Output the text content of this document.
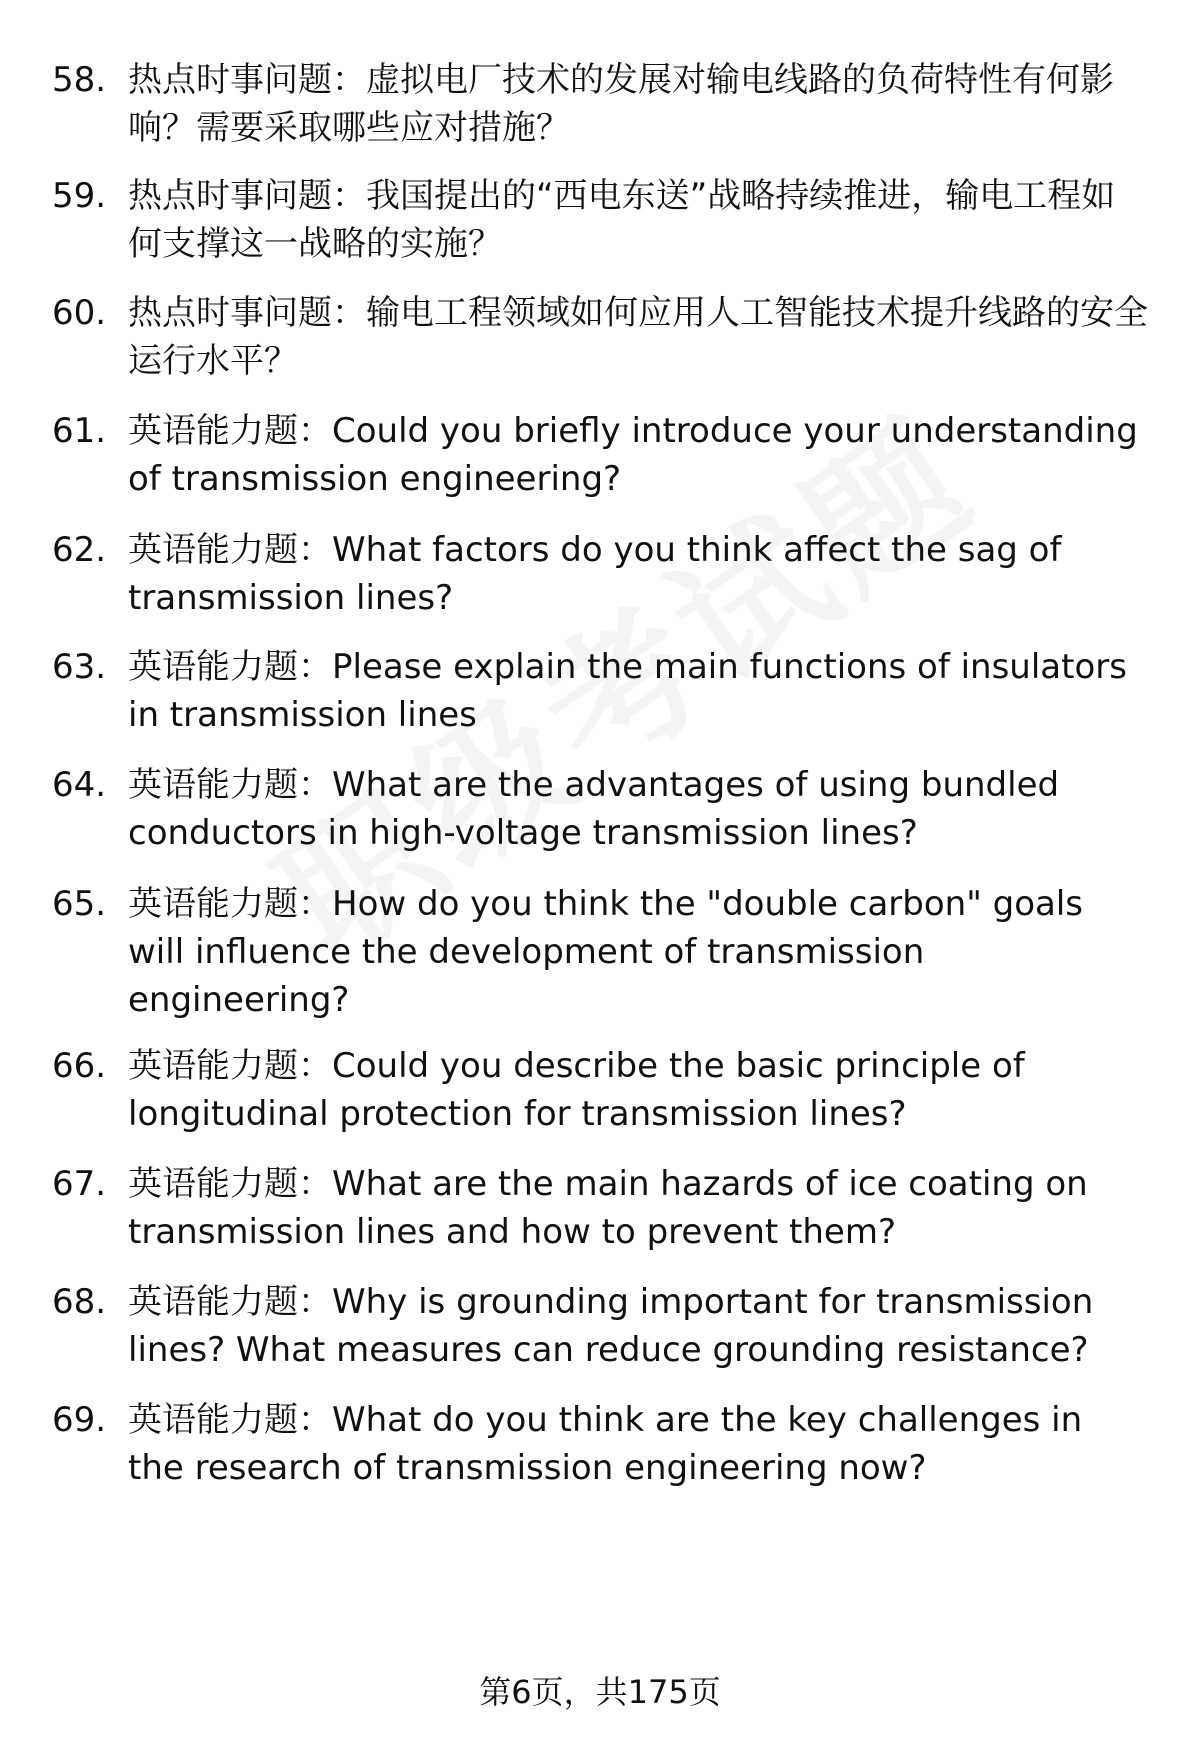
58. 热点时事问题：虚拟电厂技术的发展对输电线路的负荷特性有何影响？需要采取哪些应对措施？
59. 热点时事问题：我国提出的“西电东送”战略持续推进，输电工程如何支撑这一战略的实施？
60. 热点时事问题：输电工程领域如何应用人工智能技术提升线路的安全运行水平？
61. 英语能力题：Could you briefly introduce your understanding of transmission engineering?
62. 英语能力题：What factors do you think affect the sag of transmission lines?
63. 英语能力题：Please explain the main functions of insulators in transmission lines
64. 英语能力题：What are the advantages of using bundled conductors in high-voltage transmission lines?
65. 英语能力题：How do you think the "double carbon" goals will influence the development of transmission engineering?
66. 英语能力题：Could you describe the basic principle of longitudinal protection for transmission lines?
67. 英语能力题：What are the main hazards of ice coating on transmission lines and how to prevent them?
68. 英语能力题：Why is grounding important for transmission lines? What measures can reduce grounding resistance?
69. 英语能力题：What do you think are the key challenges in the research of transmission engineering now?
第6页，共175页
